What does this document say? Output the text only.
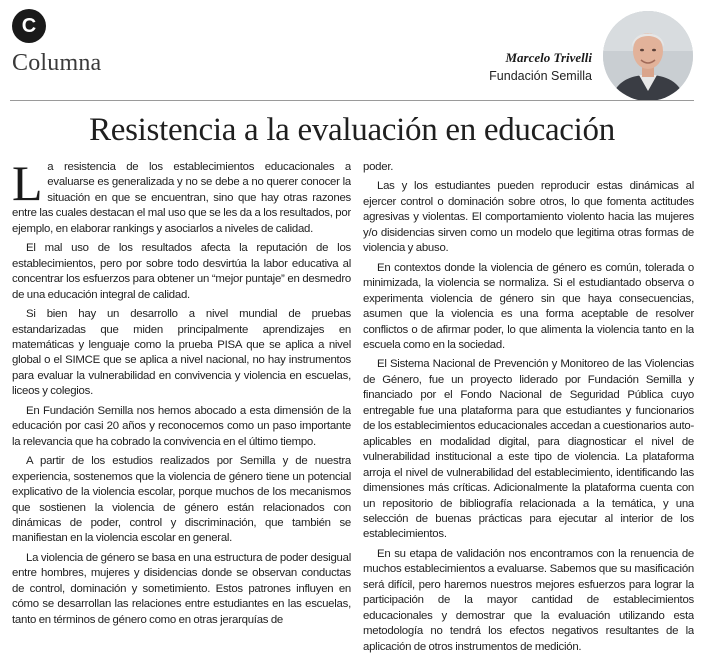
C
Columna	Marcelo Trivelli
Fundación Semilla
Resistencia a la evaluación en educación

La resistencia de los establecimientos educacionales a evaluarse es generalizada y no se debe a no querer conocer la situación en que se encuentran, sino que hay otras razones entre las cuales destacan el mal uso que se les da a los resultados, por ejemplo, en elaborar rankings y asociarlos a niveles de calidad.

El mal uso de los resultados afecta la reputación de los establecimientos, pero por sobre todo desvirtúa la labor educativa al concentrar los esfuerzos para obtener un “mejor puntaje” en desmedro de una educación integral de calidad.

Si bien hay un desarrollo a nivel mundial de pruebas estandarizadas que miden principalmente aprendizajes en matemáticas y lenguaje como la prueba PISA que se aplica a nivel global o el SIMCE que se aplica a nivel nacional, no hay instrumentos para evaluar la vulnerabilidad en convivencia y violencia en escuelas, liceos y colegios.

En Fundación Semilla nos hemos abocado a esta dimensión de la educación por casi 20 años y reconocemos como un paso importante la relevancia que ha cobrado la convivencia en el último tiempo.

A partir de los estudios realizados por Semilla y de nuestra experiencia, sostenemos que la violencia de género tiene un potencial explicativo de la violencia escolar, porque muchos de los mecanismos que sostienen la violencia de género están relacionados con dinámicas de poder, control y discriminación, que también se manifiestan en la violencia escolar en general.

La violencia de género se basa en una estructura de poder desigual entre hombres, mujeres y disidencias donde se observan conductas de control, dominación y sometimiento. Estos patrones influyen en cómo se desarrollan las relaciones entre estudiantes en las escuelas, tanto en términos de género como en otras jerarquías de

poder.

Las y los estudiantes pueden reproducir estas dinámicas al ejercer control o dominación sobre otros, lo que fomenta actitudes agresivas y violentas. El comportamiento violento hacia las mujeres y/o disidencias sirven como un modelo que legitima otras formas de violencia y abuso.

En contextos donde la violencia de género es común, tolerada o minimizada, la violencia se normaliza. Si el estudiantado observa o experimenta violencia de género sin que haya consecuencias, asumen que la violencia es una forma aceptable de resolver conflictos o de afirmar poder, lo que alimenta la violencia tanto en la escuela como en la sociedad.

El Sistema Nacional de Prevención y Monitoreo de las Violencias de Género, fue un proyecto liderado por Fundación Semilla y financiado por el Fondo Nacional de Seguridad Pública cuyo entregable fue una plataforma para que estudiantes y funcionarios de los establecimientos educacionales accedan a cuestionarios auto-aplicables en modalidad digital, para diagnosticar el nivel de vulnerabilidad institucional a este tipo de violencia. La plataforma arroja el nivel de vulnerabilidad del establecimiento, identificando las dimensiones más críticas. Adicionalmente la plataforma cuenta con un repositorio de bibliografía relacionada a la temática, y una selección de buenas prácticas para ejecutar al interior de los establecimientos.

En su etapa de validación nos encontramos con la renuencia de muchos establecimientos a evaluarse. Sabemos que su masificación será difícil, pero haremos nuestros mejores esfuerzos para lograr la participación de la mayor cantidad de establecimientos educacionales y demostrar que la evaluación utilizando esta metodología no tendrá los efectos negativos resultantes de la aplicación de otros instrumentos de medición.
